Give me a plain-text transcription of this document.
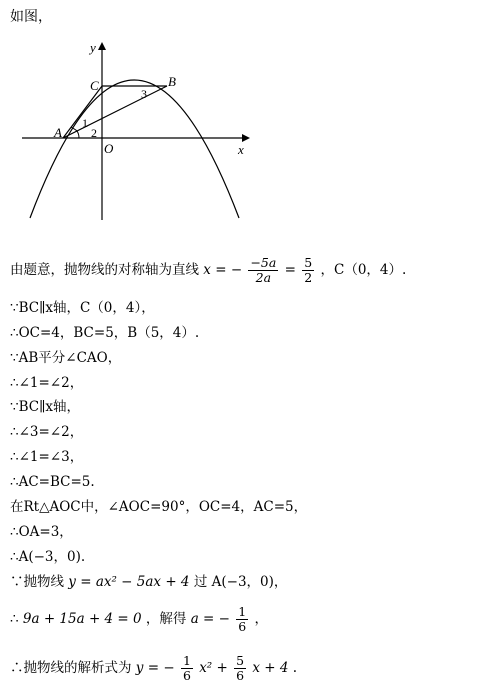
如图，
y
x
O
A
B
C
1
2
3
由题意，抛物线的对称轴为直线 x = − $\frac{-5a}{2a} = \frac{5}{2}$ ，C（0，4）.
∵BC∥x轴，C（0，4），
∴OC=4，BC=5，B（5，4）.
∵AB平分∠CAO，
∴∠1=∠2，
∵BC∥x轴，
∴∠3=∠2，
∴∠1=∠3，
∴AC=BC=5.
在Rt△AOC中，∠AOC=90°，OC=4，AC=5，
∴OA=3，
∴A(−3，0).
∵抛物线 y = ax² − 5ax + 4 过 A(−3，0)，
∴ 9a + 15a + 4 = 0 ，解得 a = − $\frac{1}{6}$ ，
∴抛物线的解析式为 y = − $\frac{1}{6} x^2 + \frac{5}{6}$ x + 4 .
